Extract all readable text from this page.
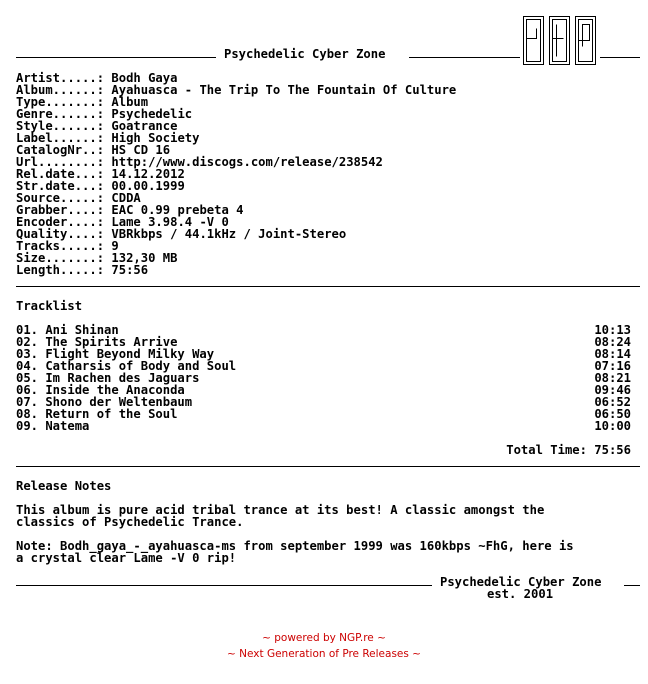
Psychedelic Cyber Zone
Artist.....: Bodh Gaya
Album......: Ayahuasca - The Trip To The Fountain Of Culture
Type.......: Album
Genre......: Psychedelic
Style......: Goatrance
Label......: High Society
CatalogNr..: HS CD 16
Url........: http://www.discogs.com/release/238542
Rel.date...: 14.12.2012
Str.date...: 00.00.1999
Source.....: CDDA
Grabber....: EAC 0.99 prebeta 4
Encoder....: Lame 3.98.4 -V 0
Quality....: VBRkbps / 44.1kHz / Joint-Stereo
Tracks.....: 9
Size.......: 132,30 MB
Length.....: 75:56
Tracklist
01. Ani Shinan	10:13
02. The Spirits Arrive	08:24
03. Flight Beyond Milky Way	08:14
04. Catharsis of Body and Soul	07:16
05. Im Rachen des Jaguars	08:21
06. Inside the Anaconda	09:46
07. Shono der Weltenbaum	06:52
08. Return of the Soul	06:50
09. Natema	10:00
Total Time: 75:56
Release Notes
This album is pure acid tribal trance at its best! A classic amongst the
classics of Psychedelic Trance.
Note: Bodh_gaya_-_ayahuasca-ms from september 1999 was 160kbps ~FhG, here is
a crystal clear Lame -V 0 rip!
Psychedelic Cyber Zone
est. 2001
~ powered by NGP.re ~
~ Next Generation of Pre Releases ~
